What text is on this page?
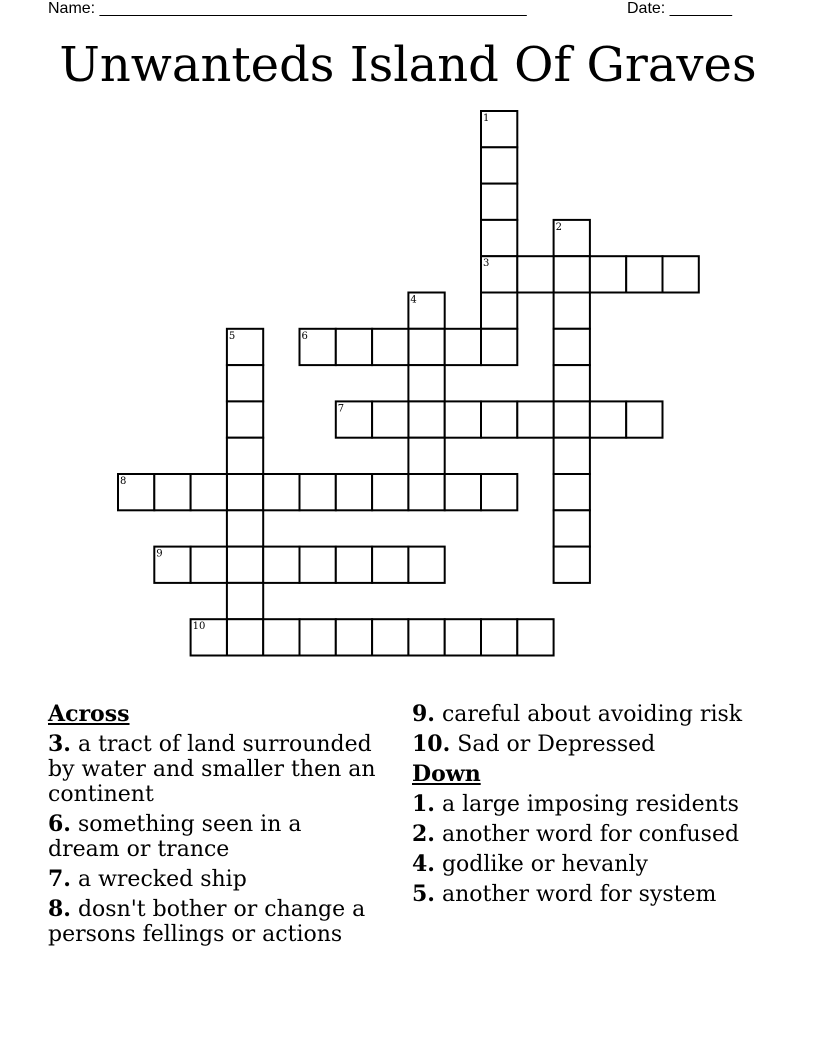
Name: ________________________________________________	Date: _______
Unwanteds Island Of Graves
1
2
3
4
5	6
7
8
9
10
Across
3. a tract of land surrounded by water and smaller then an continent
6. something seen in a dream or trance
7. a wrecked ship
8. dosn't bother or change a persons fellings or actions
9. careful about avoiding risk
10. Sad or Depressed
Down
1. a large imposing residents
2. another word for confused
4. godlike or hevanly
5. another word for system
